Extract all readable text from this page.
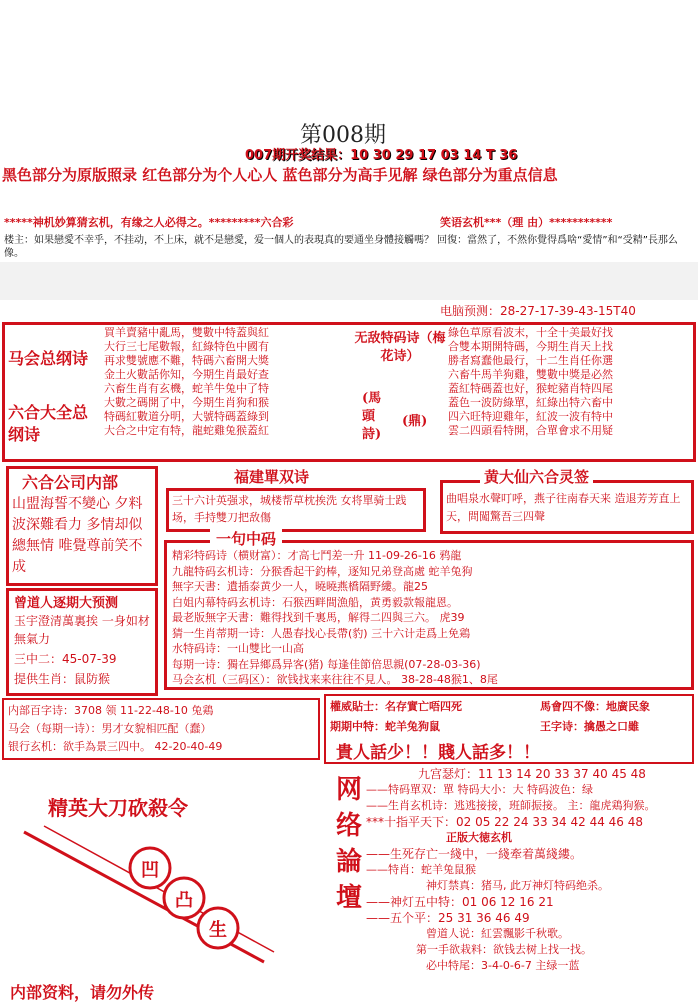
第008期
007期开奖结果：10 30 29 17 03 14 T 36
黑色部分为原版照录 红色部分为个人心人 蓝色部分为高手见解 绿色部分为重点信息
*****神机妙算猜玄机，有缘之人必得之。*********六合彩	笑语玄机***（理 由）***********
楼主：如果戀愛不幸乎，不挂动，不上床，就不是戀愛，爱一個人的表現真的要通坐身體接觸嗎？ 回復：當然了，不然你覺得爲啥“愛情”和“受精”長那么像。
电脑预测：28-27-17-39-43-15T40
马会总纲诗
六合大全总纲诗
買羊賣豬中亂馬，雙數中特蓋與紅
大行三七尾數報，紅綠特色中國有
再求雙號應不難，特碼六畜開大獎
金土火數話你知，今期生肖最好查
六畜生肖有玄機，蛇羊牛兔中了特
大數之碼開了中，今期生肖狗和猴
特碼紅數道分明，大號特碼蓋綠到
大合之中定有特，龍蛇雞兔猴蓋紅
无敌特码诗（梅花诗）
(馬頭詩)
(鼎)
綠色草原看波末，十全十美最好找
合雙本期開特碼，今期生肖天上找
勝者寫蠢他最行，十二生肖任你選
六畜牛馬羊狗雞，雙數中獎是必然
蓋紅特碼蓋也好，猴蛇豬肖特四尾
蓋色一波防綠單，紅綠出特六畜中
四六旺特迎雞年，紅波一波有特中
雲二四頭看特開，合單會求不用疑
六合公司内部
山盟海誓不變心 夕料波深難看力 多情却似總無情 唯覺尊前笑不成
福建單双诗
三十六计英强求，城楼帮草枕挨洗 女将單骑士践场，手持雙刀把敌傷
黄大仙六合灵签
曲唱泉水聲叮呼，燕子往南春天来 造退芳芳直上天，問闖驚吾三四聲
曾道人逐期大预测
玉宇澄清萬裏挨 一身如材無氣力
三中二：45-07-39
提供生肖：鼠防猴
一句中码
精彩特码诗（横财富）：才高七鬥差一升 11-09-26-16 鸦龍
九龍特码玄机诗：分猴香起干釣棒，逐知兄弟登高處 蛇羊兔狗
無字天書：遺插泰黄少一人，曉曉燕橋隔野縷。龍25
白姐内幕特码玄机诗：石猴西畔間漁船，黄勇毅款報龍恩。
最老版無字天書：難得找到千裏馬，解得二四與三六。 虎39
猜一生肖蒂期一诗：人愚春找心長帶(豹) 三十六计走爲上免鶏
水特码诗：一山雙比一山高
每期一诗：獨在异鄉爲异客(猪) 每逢佳節倍思親(07-28-03-36)
马会玄机（三码区）：欲钱找来来往往不見人。 38-28-48猴1、8尾
内部百字诗：3708 领 11-22-48-10 兔鶏
马会（每期一诗）：男才女貌相匹配（蠢）
银行玄机：欲手為景三四中。 42-20-40-49
權威貼士：名存實亡唔四死	馬會四不像：地廣民象
期期中特：蛇羊兔狗鼠	王字诗：擒愚之口雖
貴人話少！！賤人話多！！
精英大刀砍殺令
凹
凸
生
内部资料，请勿外传
网络論壇
九宫瑟灯：11 13 14 20 33 37 40 45 48
——特码單双：單 特码大小：大 特码波色：绿
——生肖玄机诗：逃逃接接，班師振接。 主：龍虎鶏狗猴。
***十指平天下：02 05 22 24 33 34 42 44 46 48
正版大徳玄机
——生死存亡一綫中，一綫牽着萬綫縷。
——特肖：蛇羊兔鼠猴
神灯禁真：猪马, 此万神灯特码绝杀。
——神灯五中特：01 06 12 16 21
——五个平：25 31 36 46 49
曾道人说：紅雲飄影千秋歌。
第一手欲栽料：欲钱去树上找一找。
必中特尾：3-4-0-6-7 主绿一蓝
